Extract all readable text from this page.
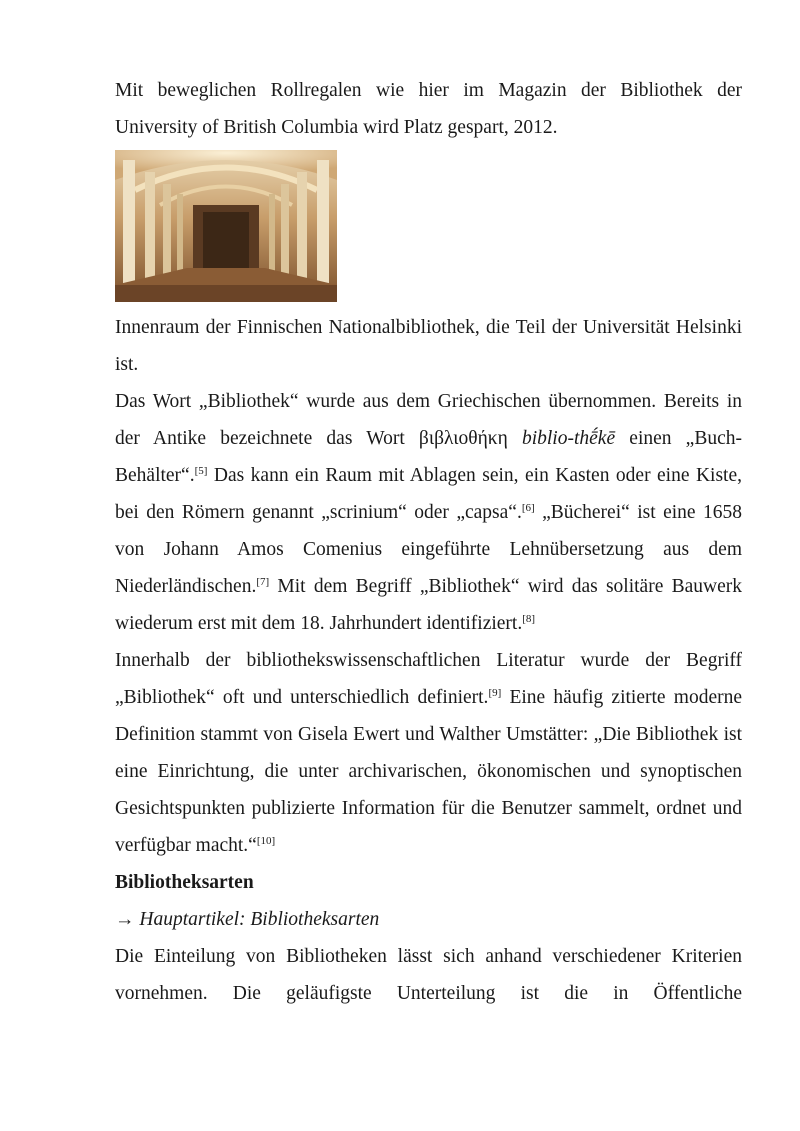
Mit beweglichen Rollregalen wie hier im Magazin der Bibliothek der University of British Columbia wird Platz gespart, 2012.

Innenraum der Finnischen Nationalbibliothek, die Teil der Universität Helsinki ist.

Das Wort „Bibliothek“ wurde aus dem Griechischen übernommen. Bereits in der Antike bezeichnete das Wort βιβλιοθήκη biblio-thḗkē einen „Buch-Behälter“.[5] Das kann ein Raum mit Ablagen sein, ein Kasten oder eine Kiste, bei den Römern genannt „scrinium“ oder „capsa“.[6] „Bücherei“ ist eine 1658 von Johann Amos Comenius eingeführte Lehnübersetzung aus dem Niederländischen.[7] Mit dem Begriff „Bibliothek“ wird das solitäre Bauwerk wiederum erst mit dem 18. Jahrhundert identifiziert.[8]

Innerhalb der bibliothekswissenschaftlichen Literatur wurde der Begriff „Bibliothek“ oft und unterschiedlich definiert.[9] Eine häufig zitierte moderne Definition stammt von Gisela Ewert und Walther Umstätter: „Die Bibliothek ist eine Einrichtung, die unter archivarischen, ökonomischen und synoptischen Gesichtspunkten publizierte Information für die Benutzer sammelt, ordnet und verfügbar macht.“[10]

Bibliotheksarten

→ Hauptartikel: Bibliotheksarten

Die Einteilung von Bibliotheken lässt sich anhand verschiedener Kriterien vornehmen. Die geläufigste Unterteilung ist die in Öffentliche
